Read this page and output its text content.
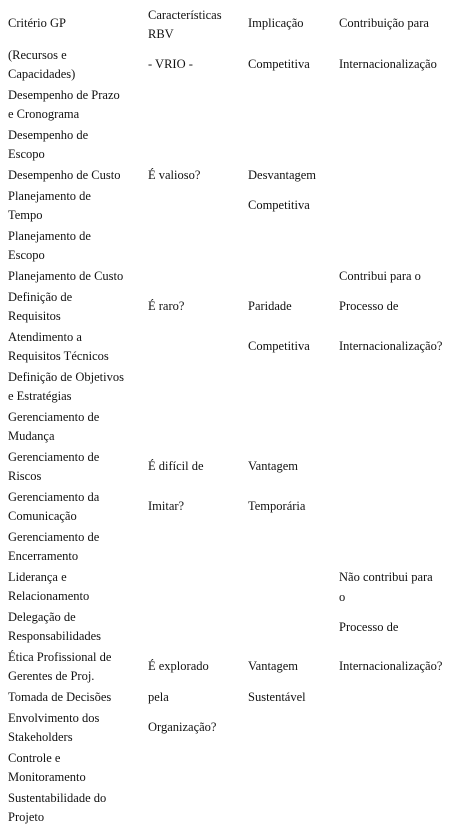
Critério GP
(Recursos e
Capacidades)
Desempenho de Prazo
e Cronograma
Desempenho de
Escopo
Desempenho de Custo
Planejamento de
Tempo
Planejamento de
Escopo
Planejamento de Custo
Definição de
Requisitos
Atendimento a
Requisitos Técnicos
Definição de Objetivos
e Estratégias
Gerenciamento de
Mudança
Gerenciamento de
Riscos
Gerenciamento da
Comunicação
Gerenciamento de
Encerramento
Liderança e
Relacionamento
Delegação de
Responsabilidades
Ética Profissional de
Gerentes de Proj.
Tomada de Decisões
Envolvimento dos
Stakeholders
Controle e
Monitoramento
Sustentabilidade do
Projeto
Características
RBV
- VRIO -
É valioso?
É raro?
É difícil de
Imitar?
É explorado
pela
Organização?
Implicação
Competitiva
Desvantagem
Competitiva
Paridade
Competitiva
Vantagem
Temporária
Vantagem
Sustentável
Contribuição para
Internacionalização
Contribui para o
Processo de
Internacionalização?
Não contribui para
o
Processo de
Internacionalização?
